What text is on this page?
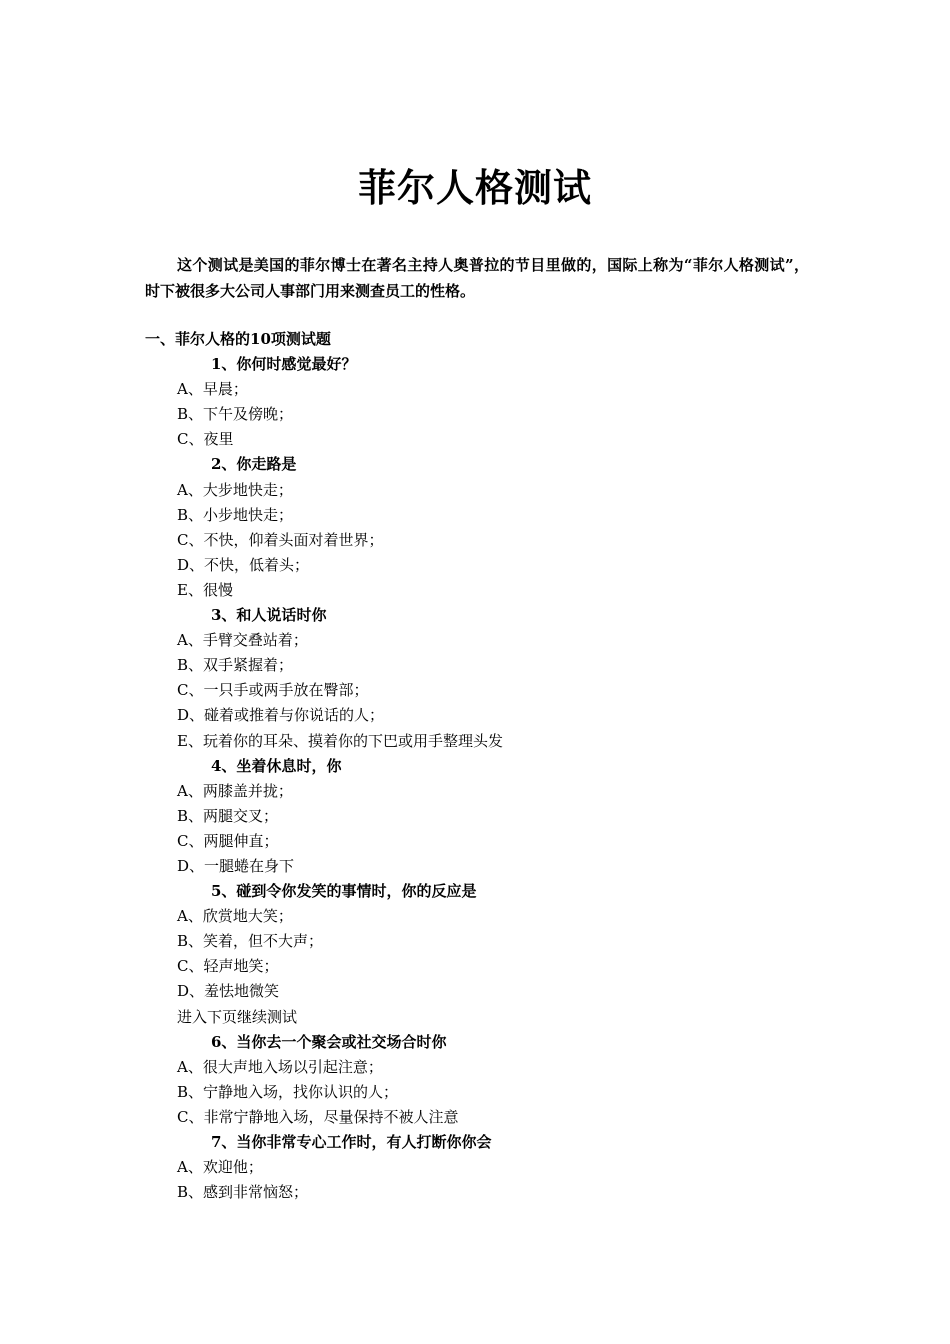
菲尔人格测试
这个测试是美国的菲尔博士在著名主持人奥普拉的节目里做的，国际上称为“菲尔人格测试”，时下被很多大公司人事部门用来测查员工的性格。
一、菲尔人格的10项测试题
1、你何时感觉最好？
A、早晨；
B、下午及傍晚；
C、夜里
2、你走路是
A、大步地快走；
B、小步地快走；
C、不快，仰着头面对着世界；
D、不快，低着头；
E、很慢
3、和人说话时你
A、手臂交叠站着；
B、双手紧握着；
C、一只手或两手放在臀部；
D、碰着或推着与你说话的人；
E、玩着你的耳朵、摸着你的下巴或用手整理头发
4、坐着休息时，你
A、两膝盖并拢；
B、两腿交叉；
C、两腿伸直；
D、一腿蜷在身下
5、碰到令你发笑的事情时，你的反应是
A、欣赏地大笑；
B、笑着，但不大声；
C、轻声地笑；
D、羞怯地微笑
进入下页继续测试
6、当你去一个聚会或社交场合时你
A、很大声地入场以引起注意；
B、宁静地入场，找你认识的人；
C、非常宁静地入场，尽量保持不被人注意
7、当你非常专心工作时，有人打断你你会
A、欢迎他；
B、感到非常恼怒；
